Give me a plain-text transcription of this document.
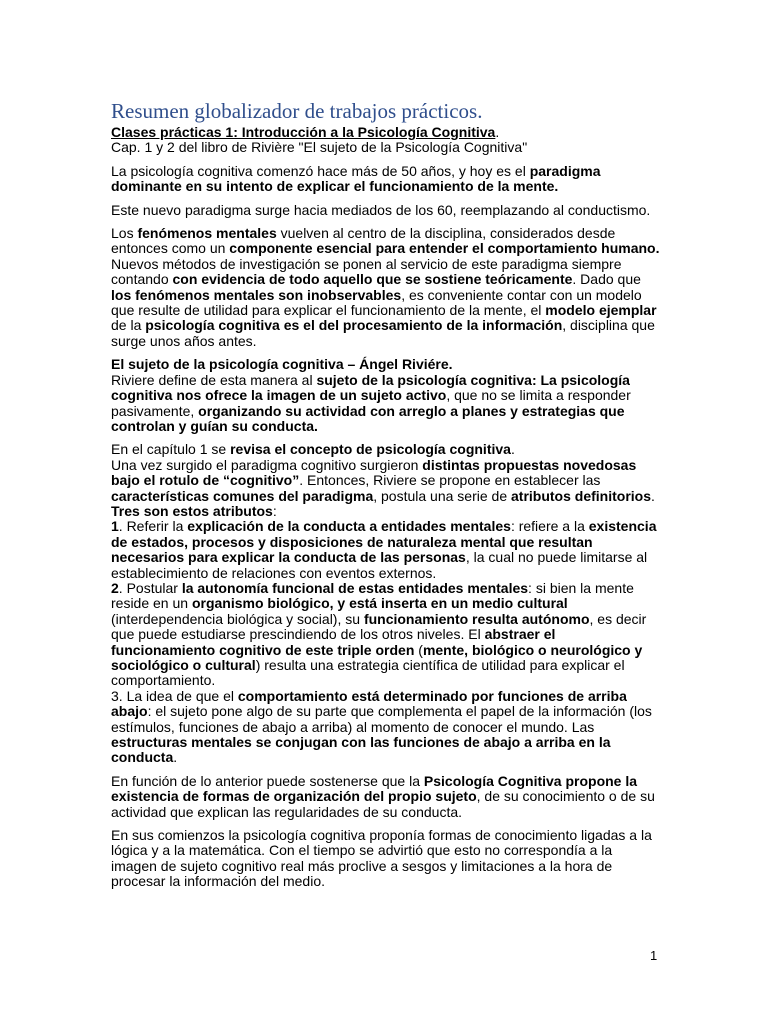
Resumen globalizador de trabajos prácticos.
Clases prácticas 1: Introducción a la Psicología Cognitiva.
Cap. 1 y 2 del libro de Rivière "El sujeto de la Psicología Cognitiva"
La psicología cognitiva comenzó hace más de 50 años, y hoy es el paradigma dominante en su intento de explicar el funcionamiento de la mente.
Este nuevo paradigma surge hacia mediados de los 60, reemplazando al conductismo.
Los fenómenos mentales vuelven al centro de la disciplina, considerados desde entonces como un componente esencial para entender el comportamiento humano.
Nuevos métodos de investigación se ponen al servicio de este paradigma siempre contando con evidencia de todo aquello que se sostiene teóricamente. Dado que los fenómenos mentales son inobservables, es conveniente contar con un modelo que resulte de utilidad para explicar el funcionamiento de la mente, el modelo ejemplar de la psicología cognitiva es el del procesamiento de la información, disciplina que surge unos años antes.
El sujeto de la psicología cognitiva – Ángel Riviére.
Riviere define de esta manera al sujeto de la psicología cognitiva: La psicología cognitiva nos ofrece la imagen de un sujeto activo, que no se limita a responder pasivamente, organizando su actividad con arreglo a planes y estrategias que controlan y guían su conducta.
En el capítulo 1 se revisa el concepto de psicología cognitiva.
Una vez surgido el paradigma cognitivo surgieron distintas propuestas novedosas bajo el rotulo de “cognitivo”. Entonces, Riviere se propone en establecer las características comunes del paradigma, postula una serie de atributos definitorios. Tres son estos atributos:
1. Referir la explicación de la conducta a entidades mentales: refiere a la existencia de estados, procesos y disposiciones de naturaleza mental que resultan necesarios para explicar la conducta de las personas, la cual no puede limitarse al establecimiento de relaciones con eventos externos.
2. Postular la autonomía funcional de estas entidades mentales: si bien la mente reside en un organismo biológico, y está inserta en un medio cultural (interdependencia biológica y social), su funcionamiento resulta autónomo, es decir que puede estudiarse prescindiendo de los otros niveles. El abstraer el funcionamiento cognitivo de este triple orden (mente, biológico o neurológico y sociológico o cultural) resulta una estrategia científica de utilidad para explicar el comportamiento.
3. La idea de que el comportamiento está determinado por funciones de arriba abajo: el sujeto pone algo de su parte que complementa el papel de la información (los estímulos, funciones de abajo a arriba) al momento de conocer el mundo. Las estructuras mentales se conjugan con las funciones de abajo a arriba en la conducta.
En función de lo anterior puede sostenerse que la Psicología Cognitiva propone la existencia de formas de organización del propio sujeto, de su conocimiento o de su actividad que explican las regularidades de su conducta.
En sus comienzos la psicología cognitiva proponía formas de conocimiento ligadas a la lógica y a la matemática. Con el tiempo se advirtió que esto no correspondía a la imagen de sujeto cognitivo real más proclive a sesgos y limitaciones a la hora de procesar la información del medio.
1
